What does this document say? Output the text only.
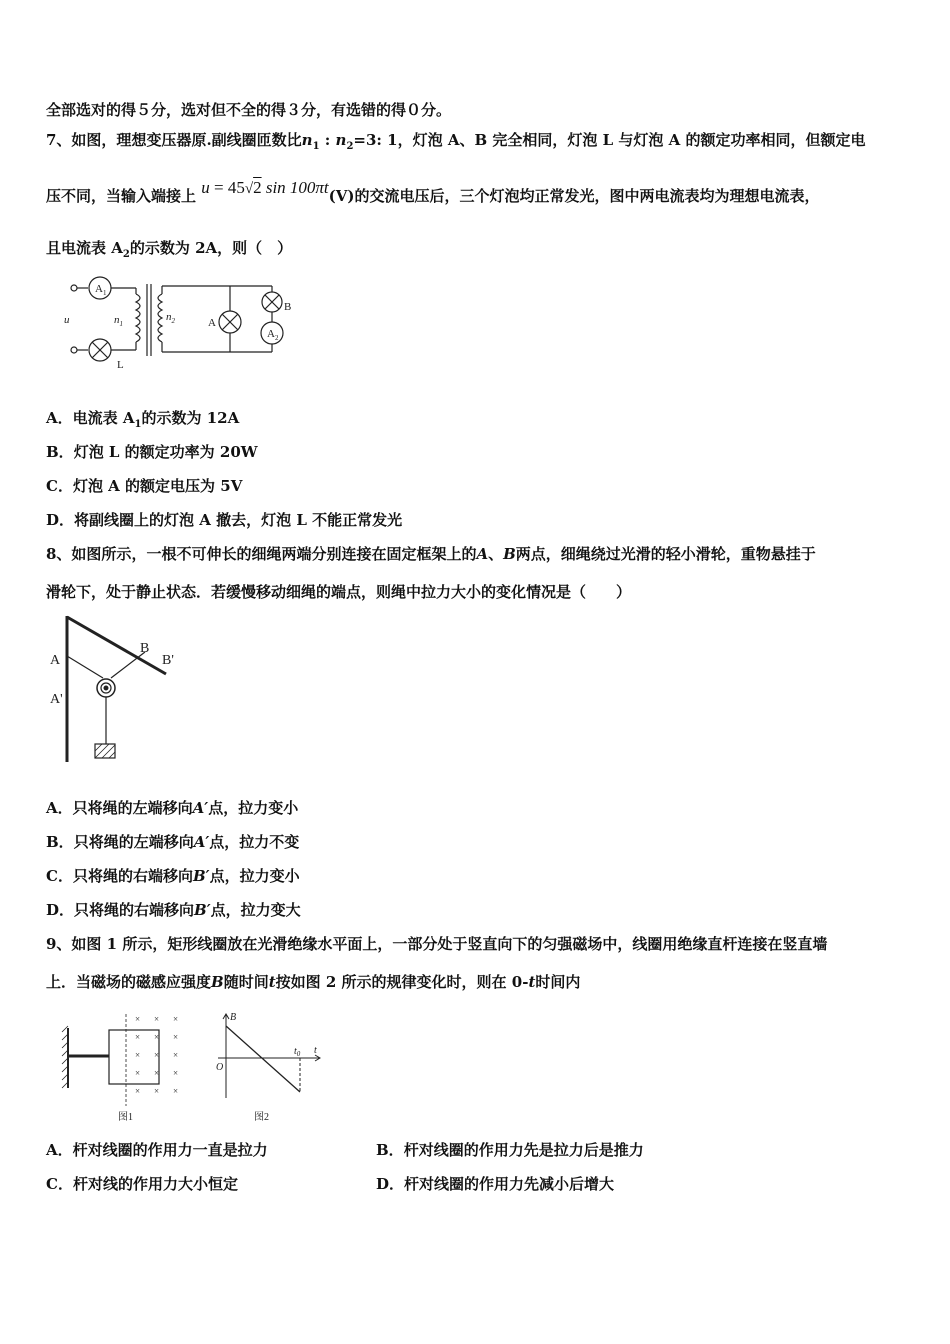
全部选对的得５分，选对但不全的得３分，有选错的得０分。
7、如图，理想变压器原.副线圈匝数比$n_1$ : $n_2=3$: 1，灯泡 A、B 完全相同，灯泡 L 与灯泡 A 的额定功率相同，但额定电
压不同，当输入端接上 u = 45√2 sin 100πt(V)的交流电压后，三个灯泡均正常发光，图中两电流表均为理想电流表，
且电流表 $A_2$的示数为 2A，则（　）
$A_1$
$A_2$
u	$n_1$
$n_2$	A
B
L
A．电流表 $A_1$的示数为 12A
B．灯泡 L 的额定功率为 20W
C．灯泡 A 的额定电压为 5V
D．将副线圈上的灯泡 A 撤去，灯泡 L 不能正常发光
8、如图所示，一根不可伸长的细绳两端分别连接在固定框架上的A、B两点，细绳绕过光滑的轻小滑轮，重物悬挂于
滑轮下，处于静止状态．若缓慢移动细绳的端点，则绳中拉力大小的变化情况是（　　）
A
A'
B
B'
A．只将绳的左端移向A′点，拉力变小
B．只将绳的左端移向A′点，拉力不变
C．只将绳的右端移向B′点，拉力变小
D．只将绳的右端移向B′点，拉力变大
9、如图 1 所示，矩形线圈放在光滑绝缘水平面上，一部分处于竖直向下的匀强磁场中，线圈用绝缘直杆连接在竖直墙
上．当磁场的磁感应强度B随时间t按如图 2 所示的规律变化时，则在 0-t时间内
× × ×
× × ×
× × ×
× × ×
× × ×
图1
B
O
t
$t_0$
图2
A．杆对线圈的作用力一直是拉力	B．杆对线圈的作用力先是拉力后是推力
C．杆对线的作用力大小恒定	D．杆对线圈的作用力先减小后增大
